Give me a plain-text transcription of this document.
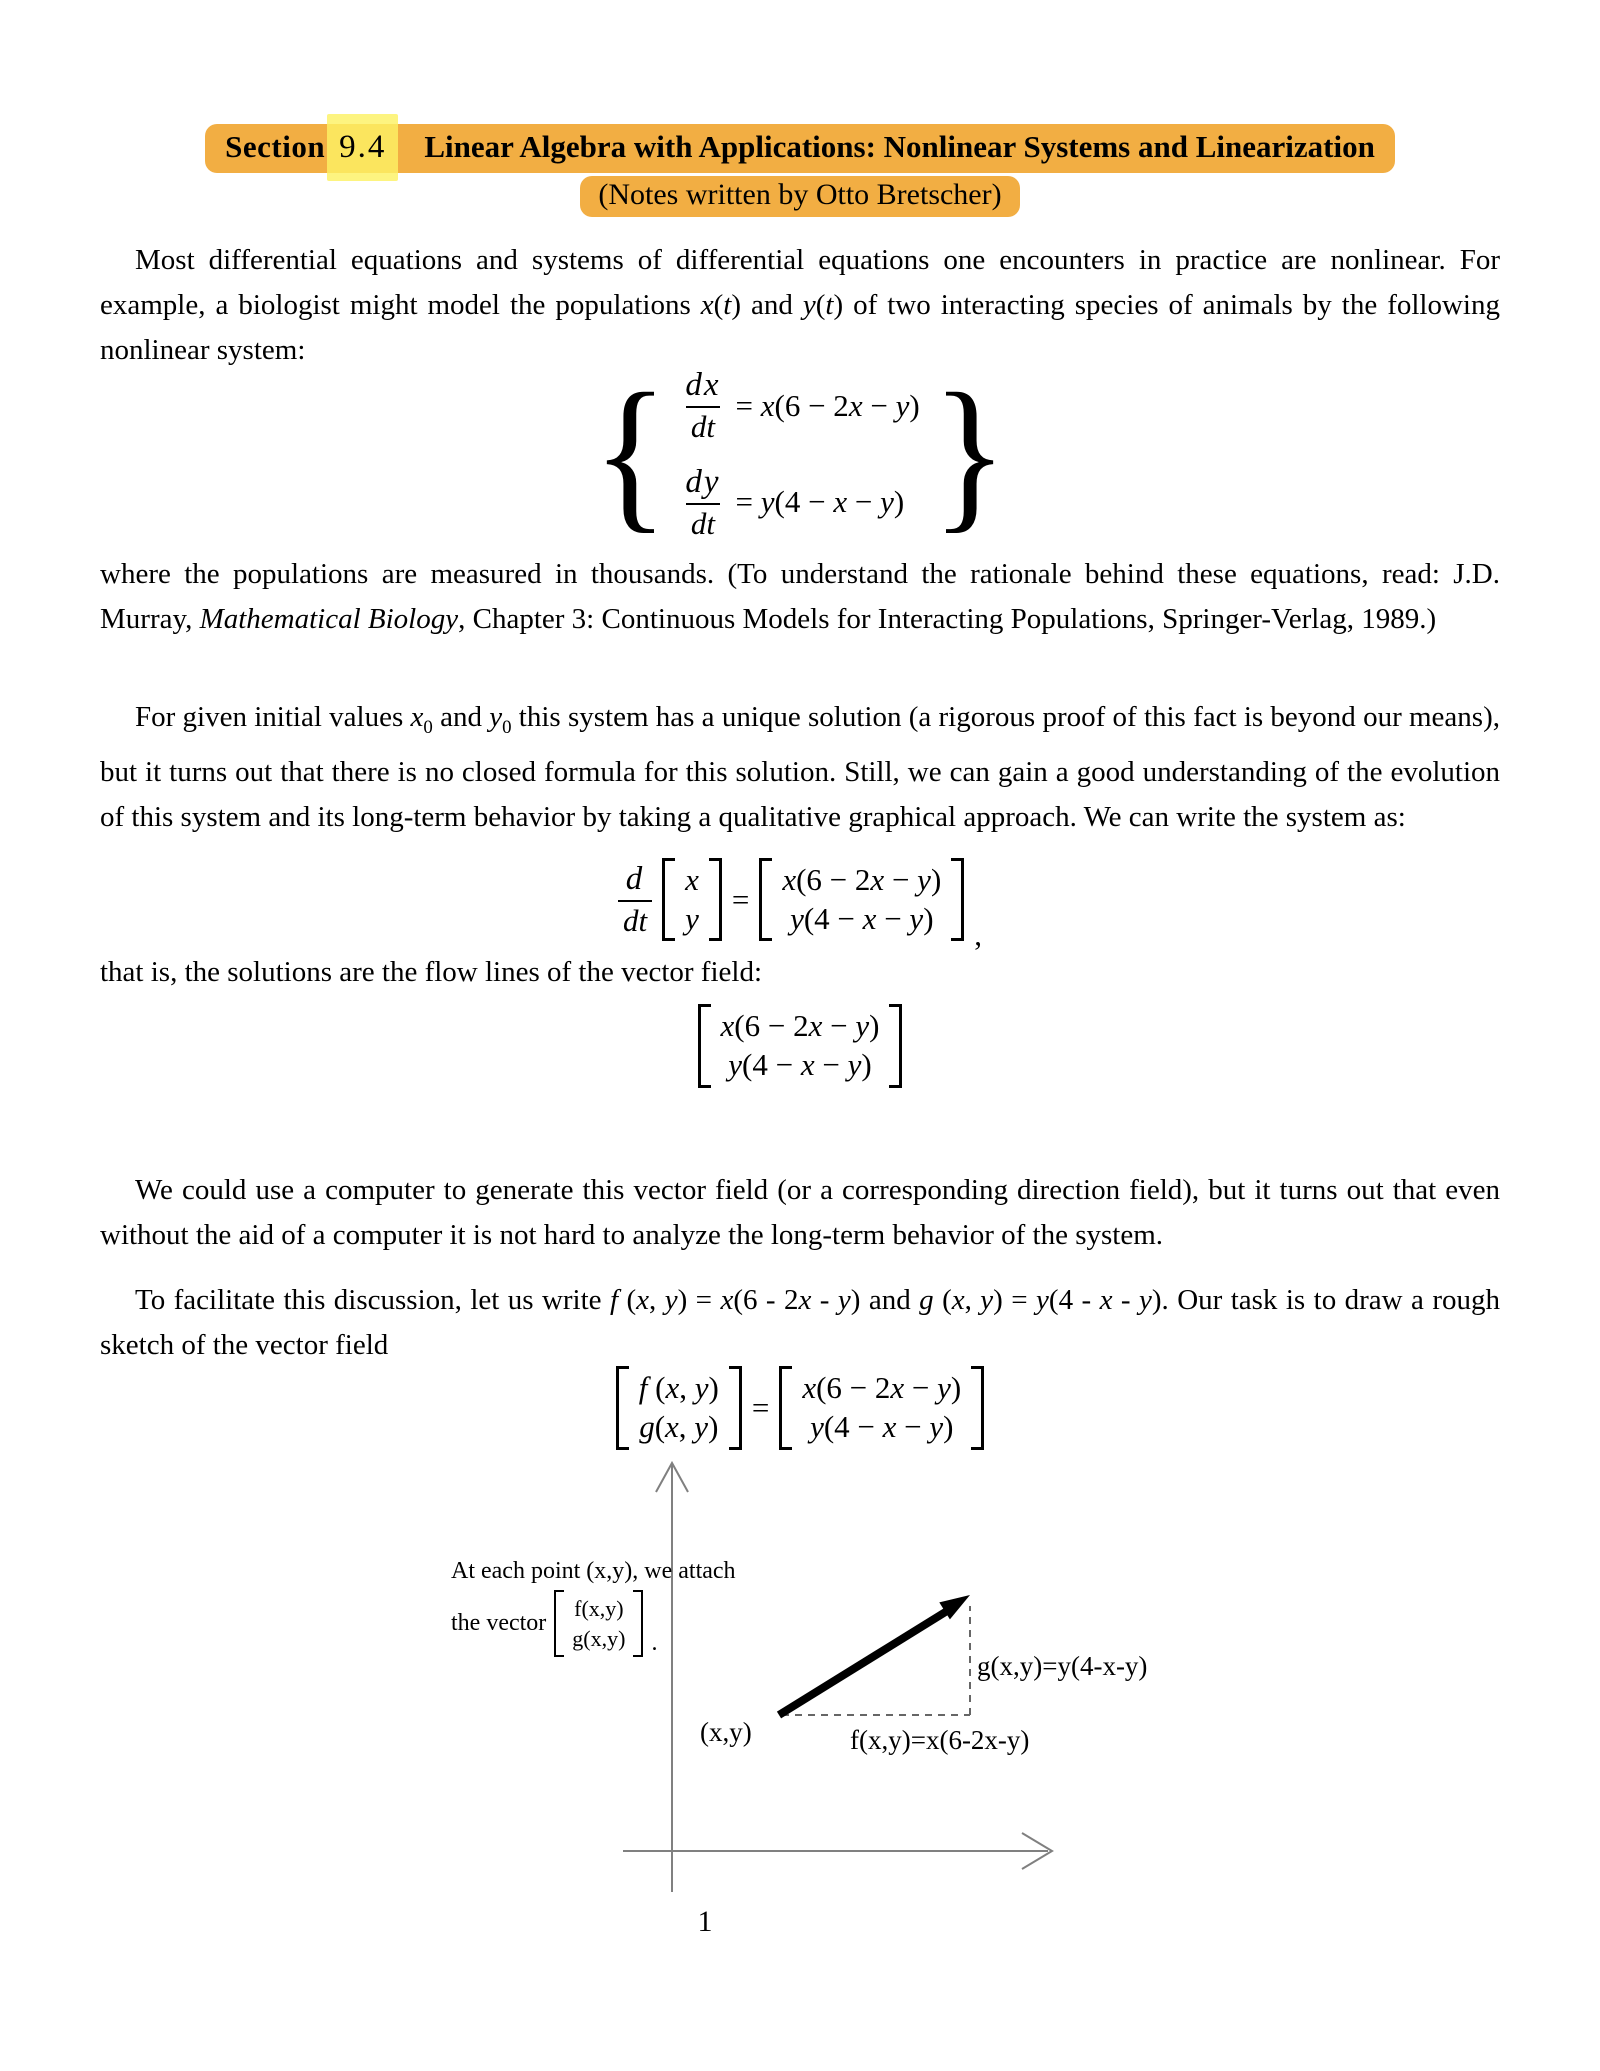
Section 9.4 Linear Algebra with Applications: Nonlinear Systems and Linearization
(Notes written by Otto Bretscher)

Most differential equations and systems of differential equations one encounters in practice are nonlinear. For example, a biologist might model the populations x(t) and y(t) of two interacting species of animals by the following nonlinear system:

{ $\frac{dx}{dt} = x(6 - 2x - y)$
$\frac{dy}{dt} = y(4 - x - y)$ }

where the populations are measured in thousands. (To understand the rationale behind these equations, read: J.D. Murray, Mathematical Biology, Chapter 3: Continuous Models for Interacting Populations, Springer-Verlag, 1989.)

For given initial values $x_0$ and $y_0$ this system has a unique solution (a rigorous proof of this fact is beyond our means), but it turns out that there is no closed formula for this solution. Still, we can gain a good understanding of the evolution of this system and its long-term behavior by taking a qualitative graphical approach. We can write the system as:

$\frac{d}{dt}$ x
y
=
x(6 − 2x − y)
y(4 − x − y) ,

that is, the solutions are the flow lines of the vector field:

x(6 − 2x − y)
y(4 − x − y)

We could use a computer to generate this vector field (or a corresponding direction field), but it turns out that even without the aid of a computer it is not hard to analyze the long-term behavior of the system.

To facilitate this discussion, let us write f (x, y) = x(6 - 2x - y) and g (x, y) = y(4 - x - y). Our task is to draw a rough sketch of the vector field

f (x, y)
g(x, y)
=
x(6 − 2x − y)
y(4 − x − y)
At each point (x,y), we attach
the vector
f(x,y)
g(x,y) .
(x,y)	f(x,y)=x(6-2x-y)
g(x,y)=y(4-x-y)
1
